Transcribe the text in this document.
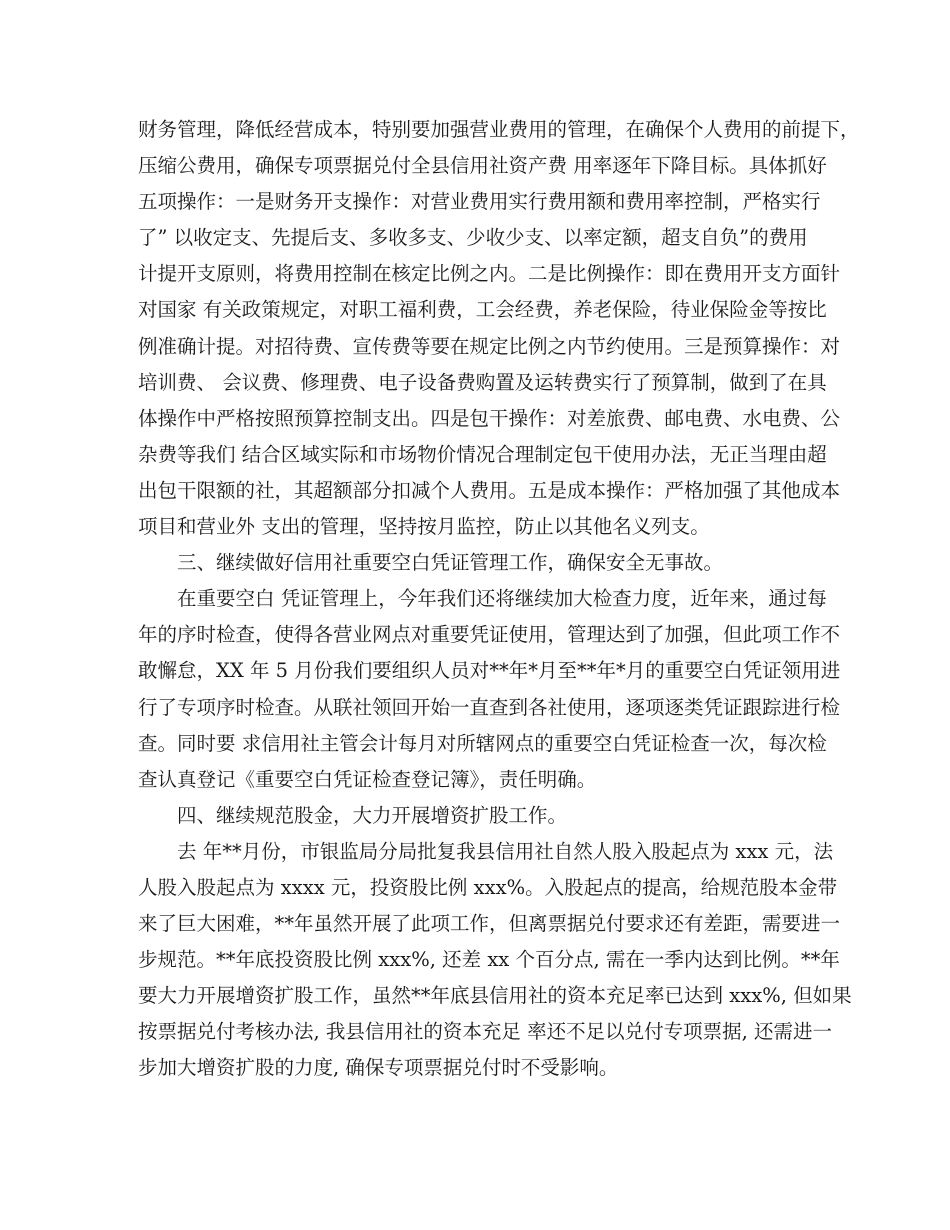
财务管理，降低经营成本，特别要加强营业费用的管理，在确保个人费用的前提下，
压缩公费用，确保专项票据兑付全县信用社资产费 用率逐年下降目标。具体抓好
五项操作：一是财务开支操作：对营业费用实行费用额和费用率控制，严格实行
了” 以收定支、先提后支、多收多支、少收少支、以率定额，超支自负”的费用
计提开支原则，将费用控制在核定比例之内。二是比例操作：即在费用开支方面针
对国家 有关政策规定，对职工福利费，工会经费，养老保险，待业保险金等按比
例准确计提。对招待费、宣传费等要在规定比例之内节约使用。三是预算操作：对
培训费、 会议费、修理费、电子设备费购置及运转费实行了预算制，做到了在具
体操作中严格按照预算控制支出。四是包干操作：对差旅费、邮电费、水电费、公
杂费等我们 结合区域实际和市场物价情况合理制定包干使用办法，无正当理由超
出包干限额的社，其超额部分扣减个人费用。五是成本操作：严格加强了其他成本
项目和营业外 支出的管理，坚持按月监控，防止以其他名义列支。
三、继续做好信用社重要空白凭证管理工作，确保安全无事故。
在重要空白 凭证管理上，今年我们还将继续加大检查力度，近年来，通过每
年的序时检查，使得各营业网点对重要凭证使用，管理达到了加强，但此项工作不
敢懈怠，XX 年 5 月份我们要组织人员对**年*月至**年*月的重要空白凭证领用进
行了专项序时检查。从联社领回开始一直查到各社使用，逐项逐类凭证跟踪进行检
查。同时要 求信用社主管会计每月对所辖网点的重要空白凭证检查一次，每次检
查认真登记《重要空白凭证检查登记簿》，责任明确。
四、继续规范股金，大力开展增资扩股工作。
去 年**月份，市银监局分局批复我县信用社自然人股入股起点为 xxx 元，法
人股入股起点为 xxxx 元，投资股比例 xxx%。入股起点的提高，给规范股本金带
来了巨大困难，**年虽然开展了此项工作，但离票据兑付要求还有差距，需要进一
步规范。**年底投资股比例 xxx%, 还差 xx 个百分点, 需在一季内达到比例。**年
要大力开展增资扩股工作，虽然**年底县信用社的资本充足率已达到 xxx%, 但如果
按票据兑付考核办法, 我县信用社的资本充足 率还不足以兑付专项票据, 还需进一
步加大增资扩股的力度, 确保专项票据兑付时不受影响。
